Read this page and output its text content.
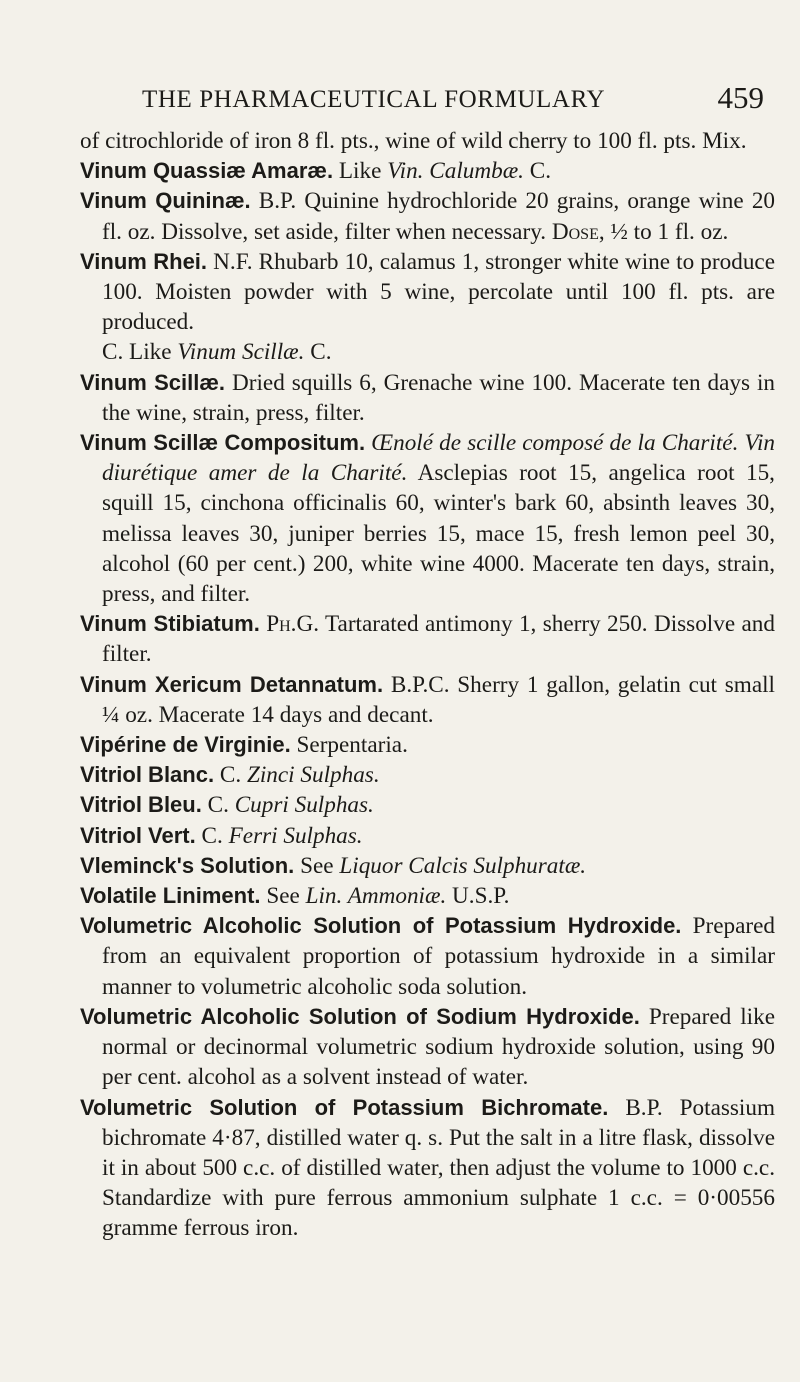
THE PHARMACEUTICAL FORMULARY	459
of citrochloride of iron 8 fl. pts., wine of wild cherry to 100 fl. pts. Mix.
Vinum Quassiæ Amaræ. Like Vin. Calumbæ. C.
Vinum Quininæ. B.P. Quinine hydrochloride 20 grains, orange wine 20 fl. oz. Dissolve, set aside, filter when necessary. Dose, ½ to 1 fl. oz.
Vinum Rhei. N.F. Rhubarb 10, calamus 1, stronger white wine to produce 100. Moisten powder with 5 wine, percolate until 100 fl. pts. are produced.
C. Like Vinum Scillæ. C.
Vinum Scillæ. Dried squills 6, Grenache wine 100. Macerate ten days in the wine, strain, press, filter.
Vinum Scillæ Compositum. Œnolé de scille composé de la Charité. Vin diurétique amer de la Charité. Asclepias root 15, angelica root 15, squill 15, cinchona officinalis 60, winter's bark 60, absinth leaves 30, melissa leaves 30, juniper berries 15, mace 15, fresh lemon peel 30, alcohol (60 per cent.) 200, white wine 4000. Macerate ten days, strain, press, and filter.
Vinum Stibiatum. Ph.G. Tartarated antimony 1, sherry 250. Dissolve and filter.
Vinum Xericum Detannatum. B.P.C. Sherry 1 gallon, gelatin cut small ¼ oz. Macerate 14 days and decant.
Vipérine de Virginie. Serpentaria.
Vitriol Blanc. C. Zinci Sulphas.
Vitriol Bleu. C. Cupri Sulphas.
Vitriol Vert. C. Ferri Sulphas.
Vleminck's Solution. See Liquor Calcis Sulphuratæ.
Volatile Liniment. See Lin. Ammoniæ. U.S.P.
Volumetric Alcoholic Solution of Potassium Hydroxide. Prepared from an equivalent proportion of potassium hydroxide in a similar manner to volumetric alcoholic soda solution.
Volumetric Alcoholic Solution of Sodium Hydroxide. Prepared like normal or decinormal volumetric sodium hydroxide solution, using 90 per cent. alcohol as a solvent instead of water.
Volumetric Solution of Potassium Bichromate. B.P. Potassium bichromate 4·87, distilled water q. s. Put the salt in a litre flask, dissolve it in about 500 c.c. of distilled water, then adjust the volume to 1000 c.c. Standardize with pure ferrous ammonium sulphate 1 c.c. = 0·00556 gramme ferrous iron.
